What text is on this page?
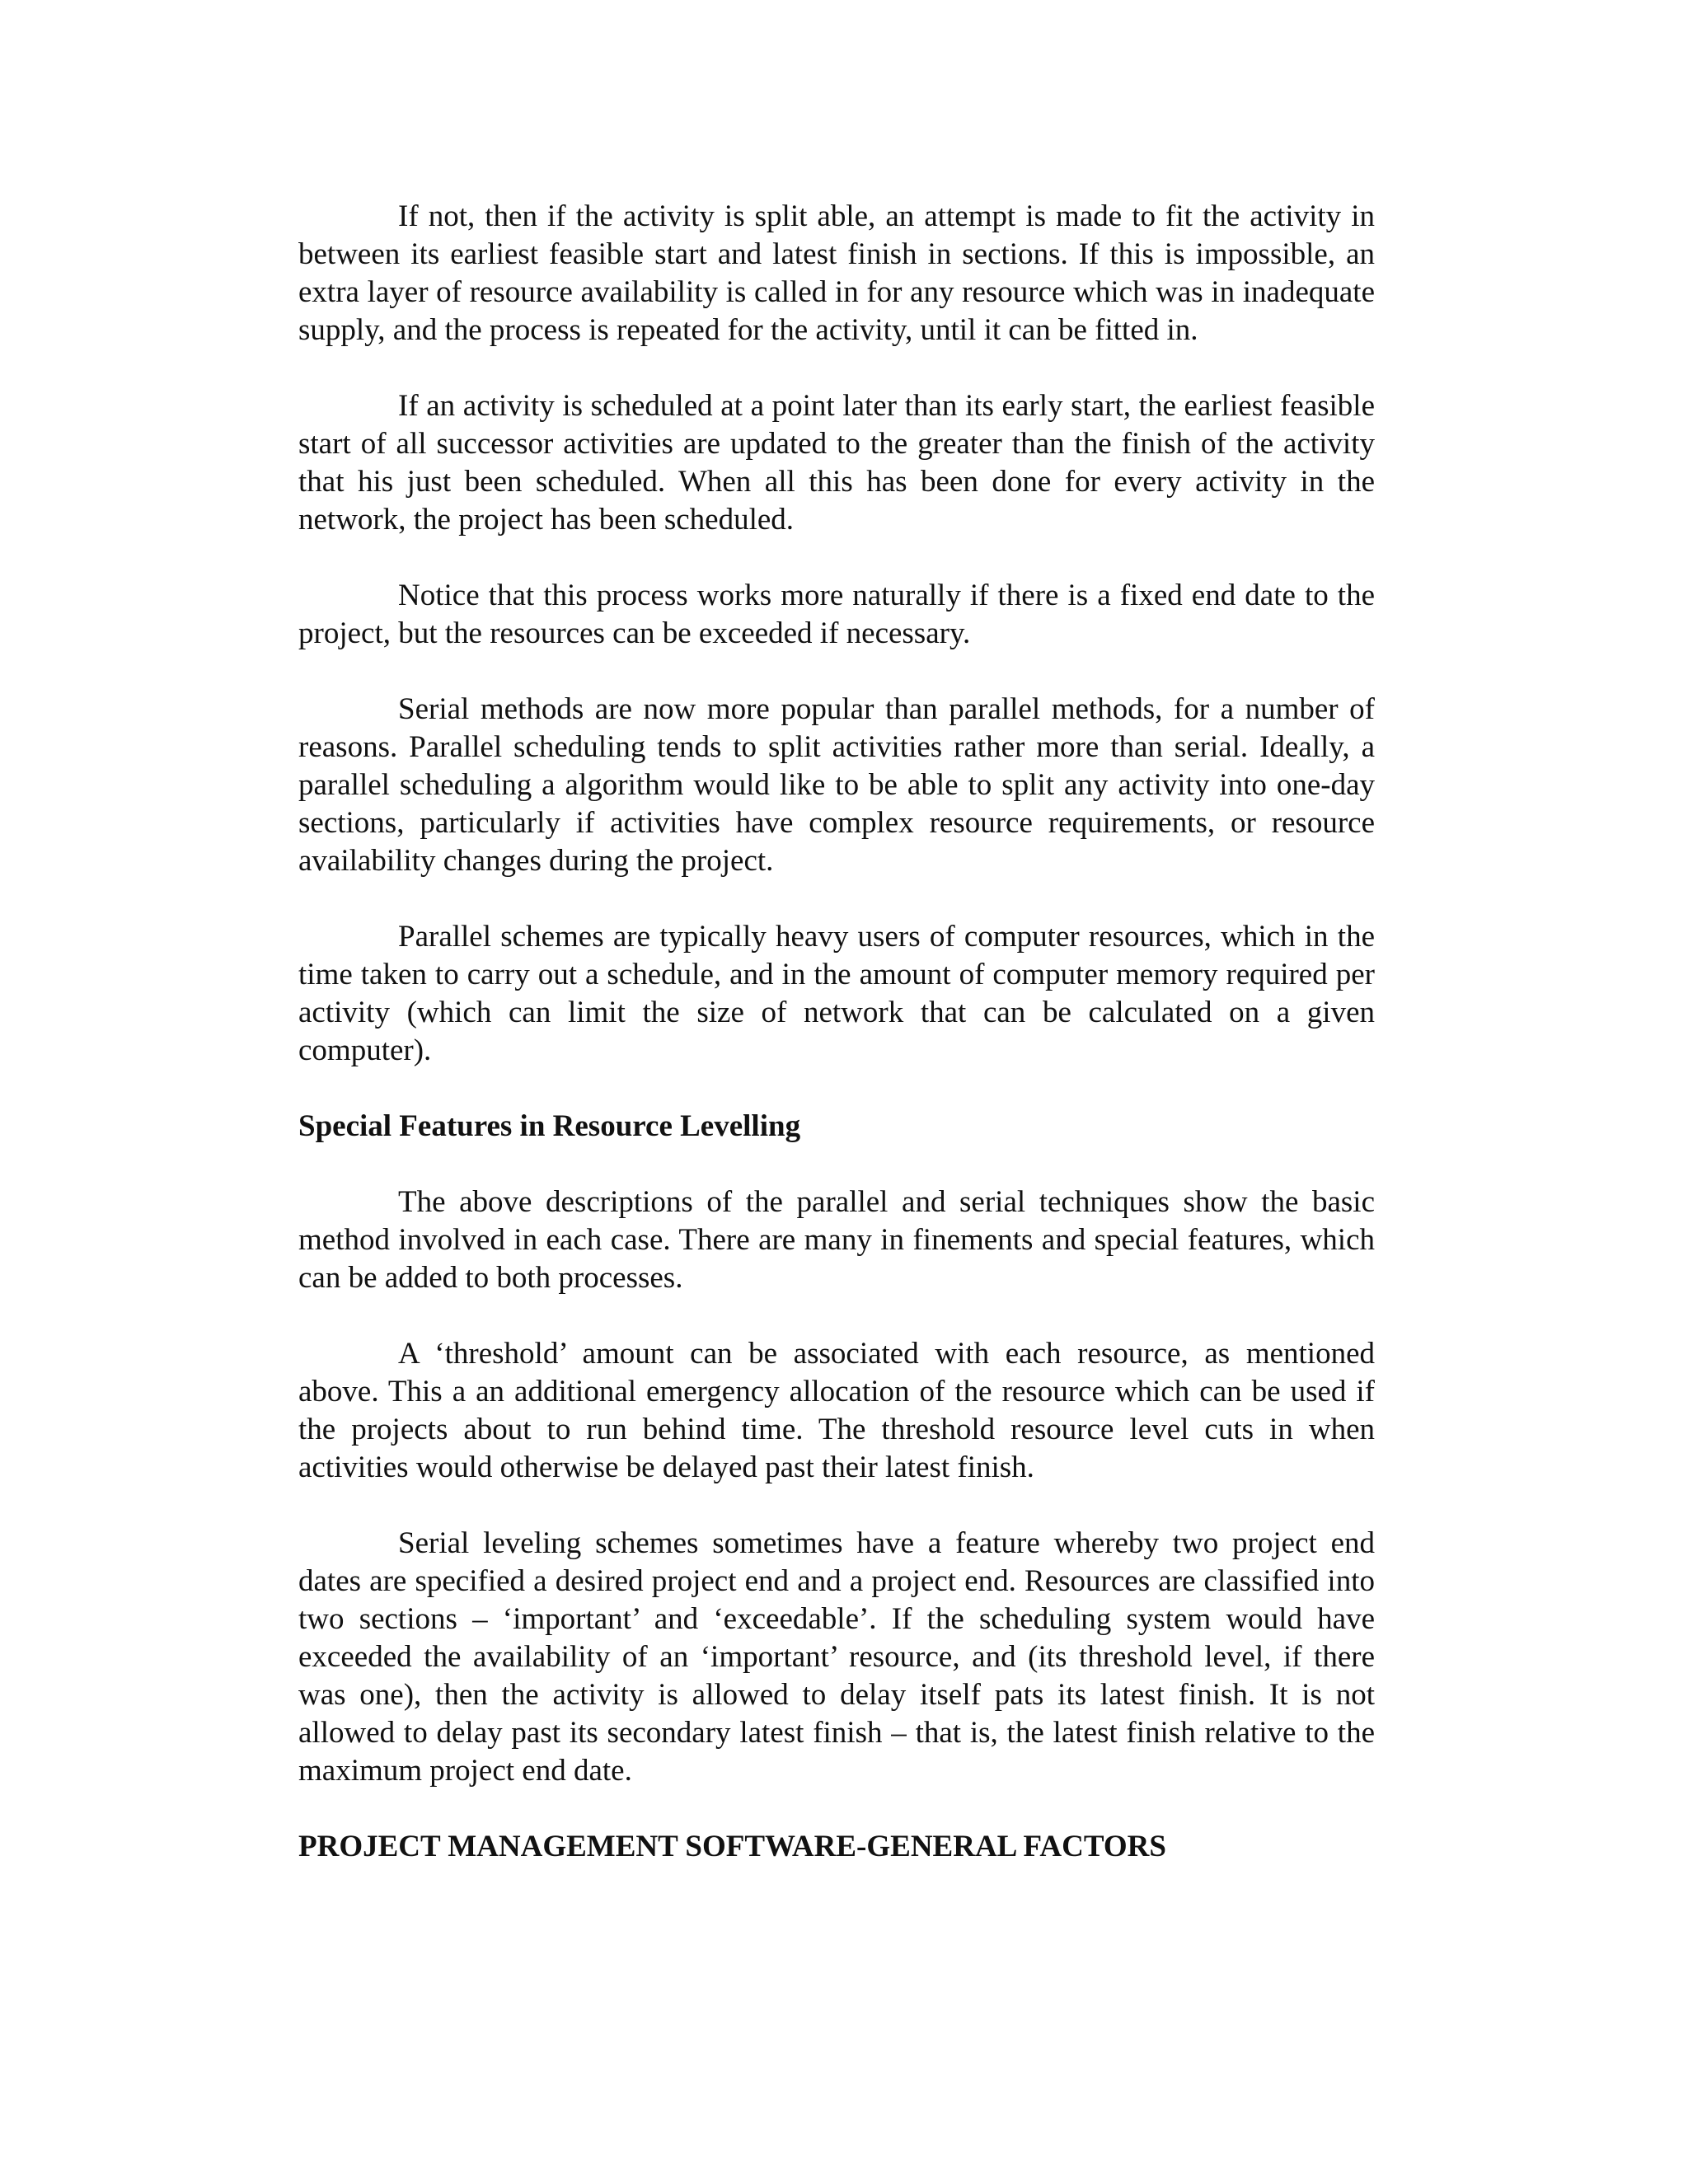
If not, then if the activity is split able, an attempt is made to fit the activity in between its earliest feasible start and latest finish in sections. If this is impossible, an extra layer of resource availability is called in for any resource which was in inadequate supply, and the process is repeated for the activity, until it can be fitted in.

If an activity is scheduled at a point later than its early start, the earliest feasible start of all successor activities are updated to the greater than the finish of the activity that his just been scheduled. When all this has been done for every activity in the network, the project has been scheduled.

Notice that this process works more naturally if there is a fixed end date to the project, but the resources can be exceeded if necessary.

Serial methods are now more popular than parallel methods, for a number of reasons. Parallel scheduling tends to split activities rather more than serial. Ideally, a parallel scheduling a algorithm would like to be able to split any activity into one-day sections, particularly if activities have complex resource requirements, or resource availability changes during the project.

Parallel schemes are typically heavy users of computer resources, which in the time taken to carry out a schedule, and in the amount of computer memory required per activity (which can limit the size of network that can be calculated on a given computer).

Special Features in Resource Levelling

The above descriptions of the parallel and serial techniques show the basic method involved in each case. There are many in finements and special features, which can be added to both processes.

A ‘threshold’ amount can be associated with each resource, as mentioned above. This a an additional emergency allocation of the resource which can be used if the projects about to run behind time. The threshold resource level cuts in when activities would otherwise be delayed past their latest finish.

Serial leveling schemes sometimes have a feature whereby two project end dates are specified a desired project end and a project end. Resources are classified into two sections – ‘important’ and ‘exceedable’. If the scheduling system would have exceeded the availability of an ‘important’ resource, and (its threshold level, if there was one), then the activity is allowed to delay itself pats its latest finish. It is not allowed to delay past its secondary latest finish – that is, the latest finish relative to the maximum project end date.

PROJECT MANAGEMENT SOFTWARE-GENERAL FACTORS
